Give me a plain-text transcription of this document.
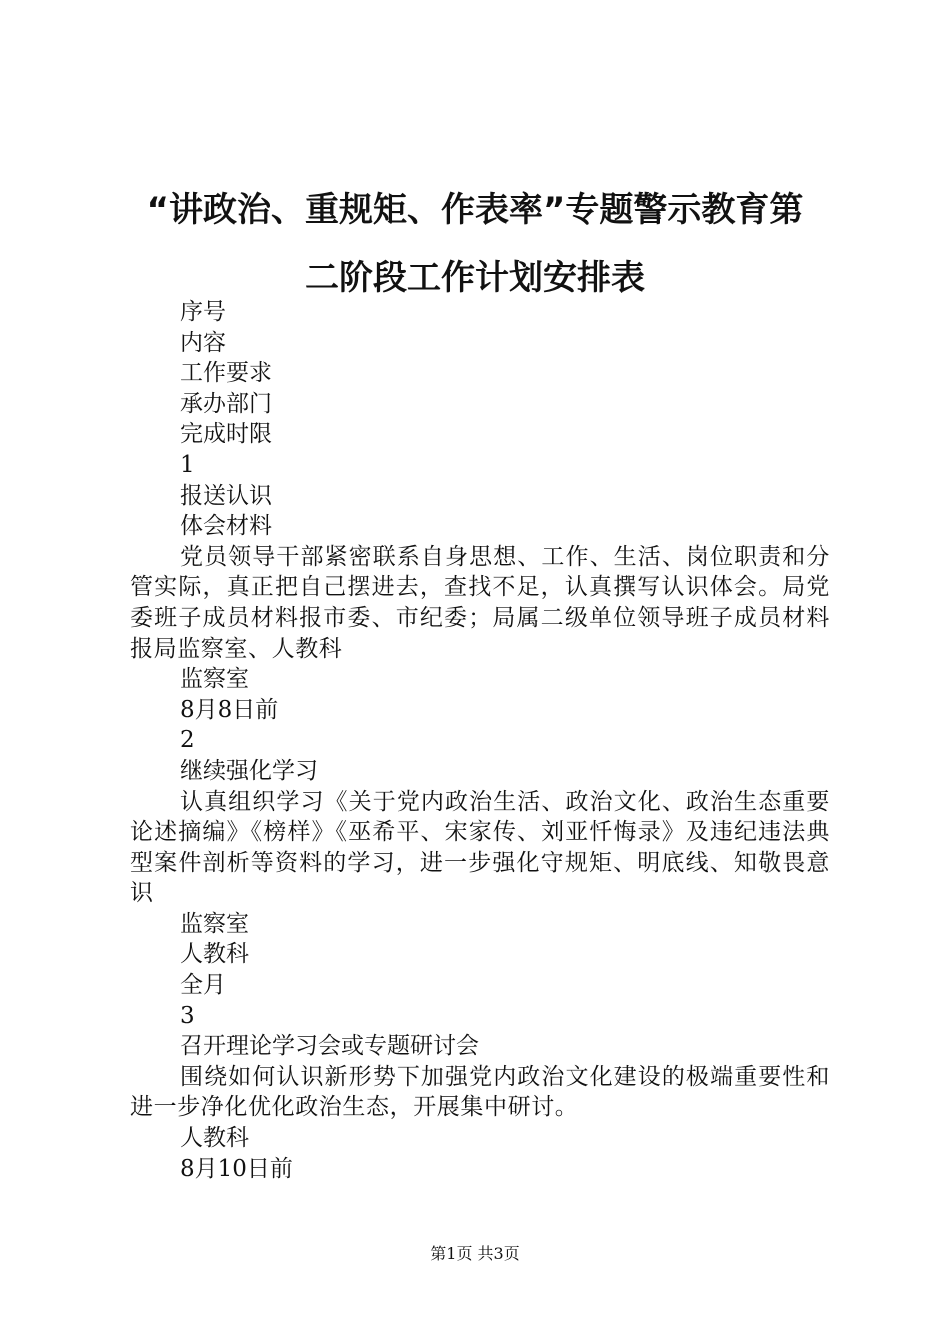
“讲政治、重规矩、作表率”专题警示教育第
二阶段工作计划安排表
序号
内容
工作要求
承办部门
完成时限
1
报送认识
体会材料
党员领导干部紧密联系自身思想、工作、生活、岗位职责和分管实际，真正把自己摆进去，查找不足，认真撰写认识体会。局党委班子成员材料报市委、市纪委；局属二级单位领导班子成员材料报局监察室、人教科
监察室
8月8日前
2
继续强化学习
认真组织学习《关于党内政治生活、政治文化、政治生态重要论述摘编》《榜样》《巫希平、宋家传、刘亚忏悔录》及违纪违法典型案件剖析等资料的学习，进一步强化守规矩、明底线、知敬畏意识
监察室
人教科
全月
3
召开理论学习会或专题研讨会
围绕如何认识新形势下加强党内政治文化建设的极端重要性和进一步净化优化政治生态，开展集中研讨。
人教科
8月10日前
第1页 共3页
